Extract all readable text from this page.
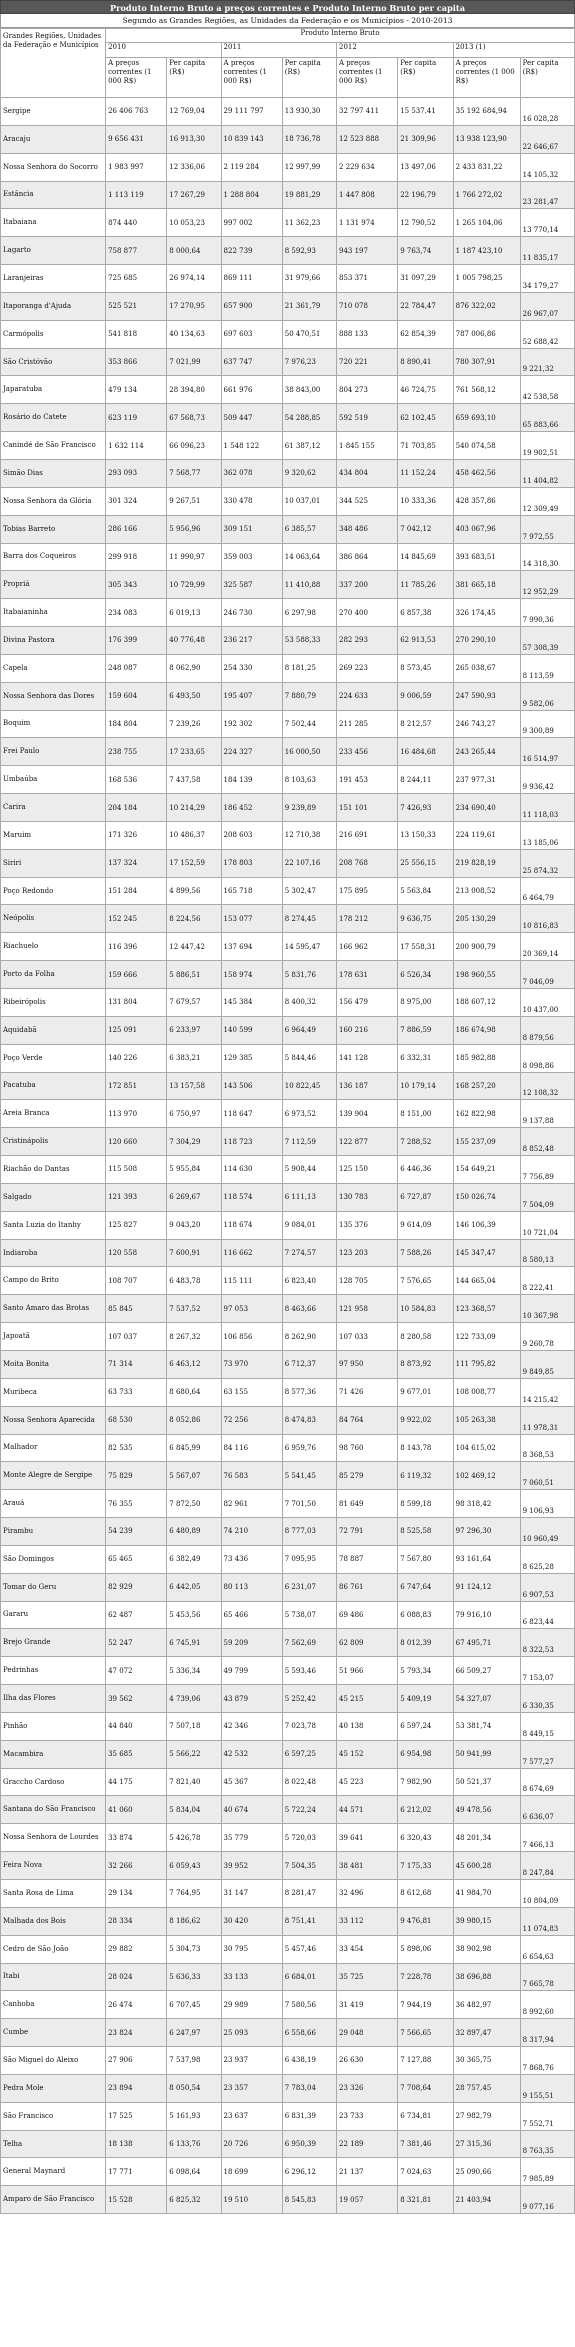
Produto Interno Bruto a preços correntes e Produto Interno Bruto per capita
Segundo as Grandes Regiões, as Unidades da Federação e os Municípios - 2010-2013
Grandes Regiões, Unidades da Federação e Municípios	Produto Interno Bruto							
	2010		2011		2012		2013 (1)	
	A preços correntes (1 000 R$)	Per capita (R$)	A preços correntes (1 000 R$)	Per capita (R$)	A preços correntes (1 000 R$)	Per capita (R$)	A preços correntes (1 000 R$)	Per capita (R$)
Sergipe	26 406 763	12 769,04	29 111 797	13 930,30	32 797 411	15 537,41	35 192 684,94	16 028,28
Aracaju	9 656 431	16 913,30	10 839 143	18 736,78	12 523 888	21 309,96	13 938 123,90	22 646,67
Nossa Senhora do Socorro	1 983 997	12 336,06	2 119 284	12 997,99	2 229 634	13 497,06	2 433 831,22	14 105,32
Estância	1 113 119	17 267,29	1 288 804	19 881,29	1 447 808	22 196,79	1 766 272,02	23 281,47
Itabaiana	874 440	10 053,23	997 002	11 362,23	1 131 974	12 790,52	1 265 104,06	13 770,14
Lagarto	758 877	8 000,64	822 739	8 592,93	943 197	9 763,74	1 187 423,10	11 835,17
Laranjeiras	725 685	26 974,14	869 111	31 979,66	853 371	31 097,29	1 005 798,25	34 179,27
Itaporanga d'Ajuda	525 521	17 270,95	657 900	21 361,79	710 078	22 784,47	876 322,02	26 967,07
Carmópolis	541 818	40 134,63	697 603	50 470,51	888 133	62 854,39	787 006,86	52 688,42
São Cristóvão	353 866	7 021,99	637 747	7 976,23	720 221	8 890,41	780 307,91	9 221,32
Japaratuba	479 134	28 394,80	661 976	38 843,00	804 273	46 724,75	761 568,12	42 538,58
Rosário do Catete	623 119	67 568,73	509 447	54 288,85	592 519	62 102,45	659 693,10	65 883,66
Canindé de São Francisco	1 632 114	66 096,23	1 548 122	61 387,12	1 845 155	71 703,85	540 074,58	19 902,51
Simão Dias	293 093	7 568,77	362 078	9 320,62	434 804	11 152,24	458 462,56	11 404,82
Nossa Senhora da Glória	301 324	9 267,51	330 478	10 037,01	344 525	10 333,36	428 357,86	12 309,49
Tobias Barreto	286 166	5 956,96	309 151	6 385,57	348 486	7 042,12	403 067,96	7 972,55
Barra dos Coqueiros	299 918	11 990,97	359 003	14 063,64	386 864	14 845,69	393 683,51	14 318,30
Propriá	305 343	10 729,99	325 587	11 410,88	337 200	11 785,26	381 665,18	12 952,29
Itabaianinha	234 083	6 019,13	246 730	6 297,98	270 400	6 857,38	326 174,45	7 990,36
Divina Pastora	176 399	40 776,48	236 217	53 588,33	282 293	62 913,53	270 290,10	57 308,39
Capela	248 087	8 062,90	254 330	8 181,25	269 223	8 573,45	265 038,67	8 113,59
Nossa Senhora das Dores	159 604	6 493,50	195 407	7 880,79	224 633	9 006,59	247 590,93	9 582,06
Boquim	184 804	7 239,26	192 302	7 502,44	211 285	8 212,57	246 743,27	9 300,89
Frei Paulo	238 755	17 233,65	224 327	16 000,50	233 456	16 484,68	243 265,44	16 514,97
Umbaúba	168 536	7 437,58	184 139	8 103,63	191 453	8 244,11	237 977,31	9 936,42
Carira	204 184	10 214,29	186 452	9 239,89	151 101	7 426,93	234 690,40	11 118,03
Maruim	171 326	10 486,37	208 603	12 710,38	216 691	13 150,33	224 119,61	13 185,06
Siriri	137 324	17 152,59	178 803	22 107,16	208 768	25 556,15	219 828,19	25 874,32
Poço Redondo	151 284	4 899,56	165 718	5 302,47	175 895	5 563,84	213 008,52	6 464,79
Neópolis	152 245	8 224,56	153 077	8 274,45	178 212	9 636,75	205 130,29	10 816,83
Riachuelo	116 396	12 447,42	137 694	14 595,47	166 962	17 558,31	200 900,79	20 369,14
Porto da Folha	159 666	5 886,51	158 974	5 831,76	178 631	6 526,34	198 960,55	7 046,09
Ribeirópolis	131 804	7 679,57	145 384	8 400,32	156 479	8 975,00	188 607,12	10 437,00
Aquidabã	125 091	6 233,97	140 599	6 964,49	160 216	7 886,59	186 674,98	8 879,56
Poço Verde	140 226	6 383,21	129 385	5 844,46	141 128	6 332,31	185 982,88	8 098,86
Pacatuba	172 851	13 157,58	143 506	10 822,45	136 187	10 179,14	168 257,20	12 108,32
Areia Branca	113 970	6 750,97	118 647	6 973,52	139 904	8 151,00	162 822,98	9 137,88
Cristinápolis	120 660	7 304,29	118 723	7 112,59	122 877	7 288,52	155 237,09	8 852,48
Riachão do Dantas	115 508	5 955,84	114 630	5 908,44	125 150	6 446,36	154 649,21	7 756,89
Salgado	121 393	6 269,67	118 574	6 111,13	130 783	6 727,87	150 026,74	7 504,09
Santa Luzia do Itanhy	125 827	9 043,20	118 674	9 084,01	135 376	9 614,09	146 106,39	10 721,04
Indiaroba	120 558	7 600,91	116 662	7 274,57	123 203	7 588,26	145 347,47	8 580,13
Campo do Brito	108 707	6 483,78	115 111	6 823,40	128 705	7 576,65	144 665,04	8 222,41
Santo Amaro das Brotas	85 845	7 537,52	97 053	8 463,66	121 958	10 584,83	123 368,57	10 367,98
Japoatã	107 037	8 267,32	106 856	8 262,90	107 033	8 280,58	122 733,09	9 260,78
Moita Bonita	71 314	6 463,12	73 970	6 712,37	97 950	8 873,92	111 795,82	9 849,85
Muribeca	63 733	8 680,64	63 155	8 577,36	71 426	9 677,01	108 008,77	14 215,42
Nossa Senhora Aparecida	68 530	8 052,86	72 256	8 474,83	84 764	9 922,02	105 263,38	11 978,31
Malhador	82 535	6 845,99	84 116	6 959,76	98 760	8 143,78	104 615,02	8 368,53
Monte Alegre de Sergipe	75 829	5 567,07	76 583	5 541,45	85 279	6 119,32	102 469,12	7 060,51
Arauá	76 355	7 872,50	82 961	7 701,50	81 649	8 599,18	98 318,42	9 106,93
Pirambu	54 239	6 480,89	74 210	8 777,03	72 791	8 525,58	97 296,30	10 960,49
São Domingos	65 465	6 382,49	73 436	7 095,95	78 887	7 567,80	93 161,64	8 625,28
Tomar do Geru	82 929	6 442,05	80 113	6 231,07	86 761	6 747,64	91 124,12	6 907,53
Gararu	62 487	5 453,56	65 466	5 738,07	69 486	6 088,83	79 916,10	6 823,44
Brejo Grande	52 247	6 745,91	59 209	7 562,69	62 809	8 012,39	67 495,71	8 322,53
Pedrinhas	47 072	5 336,34	49 799	5 593,46	51 966	5 793,34	66 509,27	7 153,07
Ilha das Flores	39 562	4 739,06	43 879	5 252,42	45 215	5 409,19	54 327,07	6 330,35
Pinhão	44 840	7 507,18	42 346	7 023,78	40 138	6 597,24	53 381,74	8 449,15
Macambira	35 685	5 566,22	42 532	6 597,25	45 152	6 954,98	50 941,99	7 577,27
Graccho Cardoso	44 175	7 821,40	45 367	8 022,48	45 223	7 982,90	50 521,37	8 674,69
Santana do São Francisco	41 060	5 834,04	40 674	5 722,24	44 571	6 212,02	49 478,56	6 636,07
Nossa Senhora de Lourdes	33 874	5 426,78	35 779	5 720,03	39 641	6 320,43	48 201,34	7 466,13
Feira Nova	32 266	6 059,43	39 952	7 504,35	38 481	7 175,33	45 600,28	8 247,84
Santa Rosa de Lima	29 134	7 764,95	31 147	8 281,47	32 496	8 612,68	41 984,70	10 804,09
Malhada dos Bois	28 334	8 186,62	30 420	8 751,41	33 112	9 476,81	39 980,15	11 074,83
Cedro de São João	29 882	5 304,73	30 795	5 457,46	33 454	5 898,06	38 902,98	6 654,63
Itabi	28 024	5 636,33	33 133	6 684,01	35 725	7 228,78	38 696,88	7 665,78
Canhoba	26 474	6 707,45	29 989	7 580,56	31 419	7 944,19	36 482,97	8 992,60
Cumbe	23 824	6 247,97	25 093	6 558,66	29 048	7 566,65	32 897,47	8 317,94
São Miguel do Aleixo	27 906	7 537,98	23 937	6 438,19	26 630	7 127,88	30 365,75	7 868,76
Pedra Mole	23 894	8 050,54	23 357	7 783,04	23 326	7 708,64	28 757,45	9 155,51
São Francisco	17 525	5 161,93	23 637	6 831,39	23 733	6 734,81	27 982,79	7 552,71
Telha	18 138	6 133,76	20 726	6 950,39	22 189	7 381,46	27 315,36	8 763,35
General Maynard	17 771	6 098,64	18 699	6 296,12	21 137	7 024,63	25 090,66	7 985,89
Amparo de São Francisco	15 528	6 825,32	19 510	8 545,83	19 057	8 321,81	21 403,94	9 077,16
